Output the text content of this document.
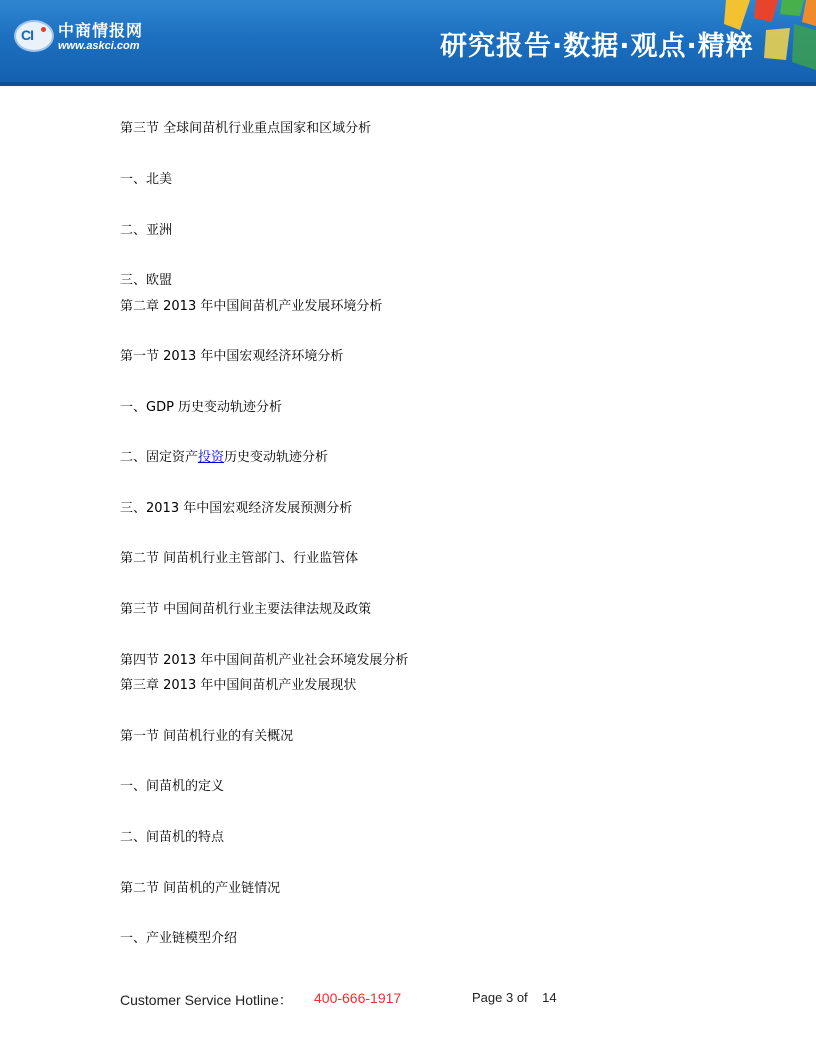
CI 中商情报网
www.askci.com	研究报告·数据·观点·精粹
第三节 全球间苗机行业重点国家和区域分析
一、北美
二、亚洲
三、欧盟
第二章 2013 年中国间苗机产业发展环境分析
第一节 2013 年中国宏观经济环境分析
一、GDP 历史变动轨迹分析
二、固定资产投资历史变动轨迹分析
三、2013 年中国宏观经济发展预测分析
第二节 间苗机行业主管部门、行业监管体
第三节 中国间苗机行业主要法律法规及政策
第四节 2013 年中国间苗机产业社会环境发展分析
第三章 2013 年中国间苗机产业发展现状
第一节 间苗机行业的有关概况
一、间苗机的定义
二、间苗机的特点
第二节 间苗机的产业链情况
一、产业链模型介绍
Customer Service Hotline： 400-666-1917	Page 3 of    14
